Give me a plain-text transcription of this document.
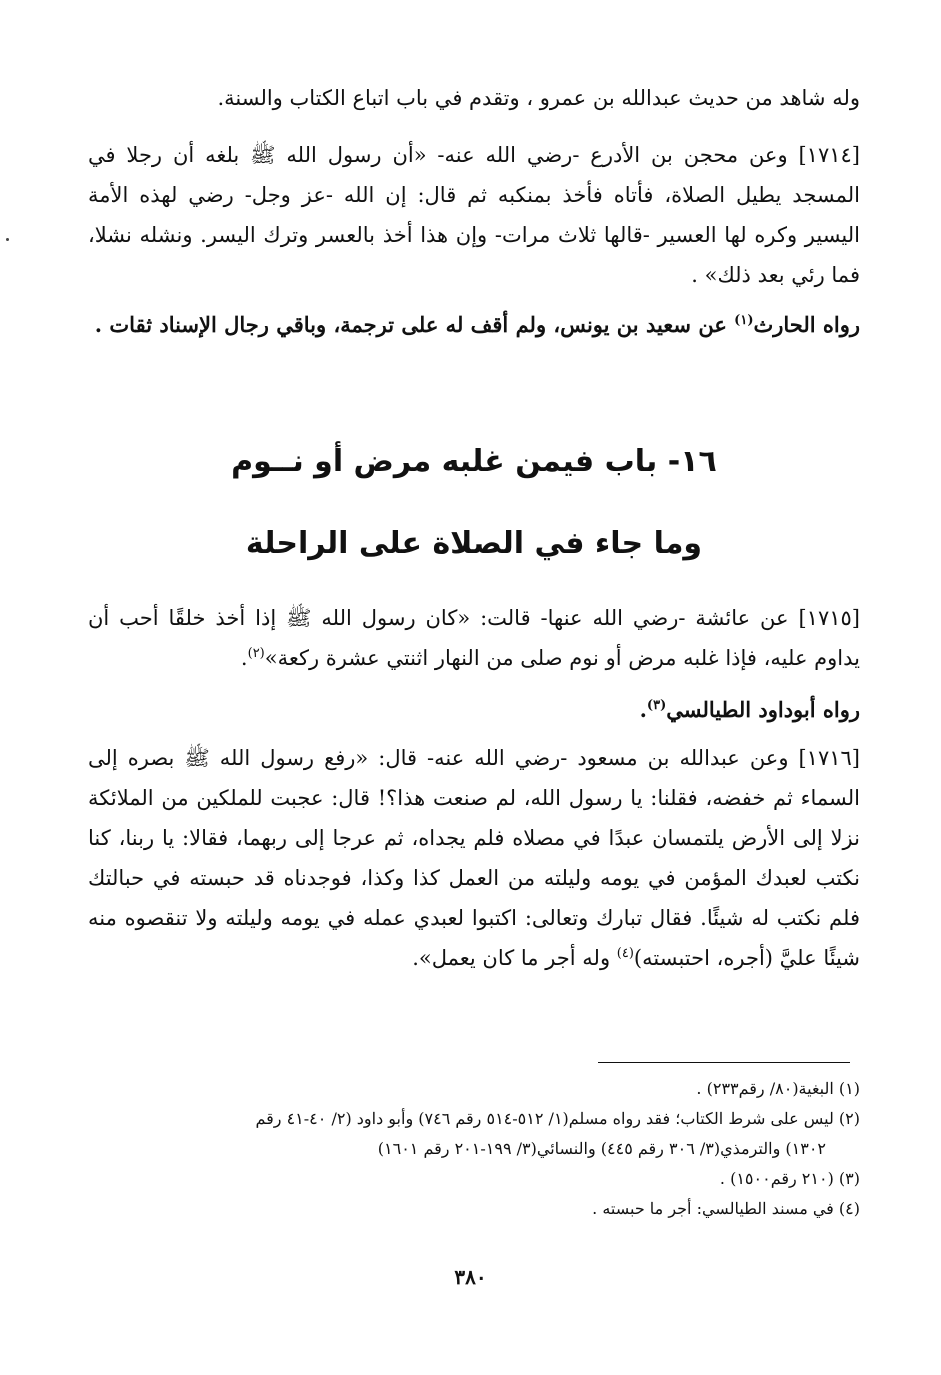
وله شاهد من حديث عبدالله بن عمرو ، وتقدم في باب اتباع الكتاب والسنة.

[١٧١٤] وعن محجن بن الأدرع -رضي الله عنه- «أن رسول الله ﷺ بلغه أن رجلا في المسجد يطيل الصلاة، فأتاه فأخذ بمنكبه ثم قال: إن الله -عز وجل- رضي لهذه الأمة اليسير وكره لها العسير -قالها ثلاث مرات- وإن هذا أخذ بالعسر وترك اليسر. ونشله نشلا، فما رئي بعد ذلك» .

رواه الحارث$^{(١)}$ عن سعيد بن يونس، ولم أقف له على ترجمة، وباقي رجال الإسناد ثقات .

١٦- باب فيمن غلبه مرض أو نــوم
وما جاء في الصلاة على الراحلة

[١٧١٥] عن عائشة -رضي الله عنها- قالت: «كان رسول الله ﷺ إذا أخذ خلقًا أحب أن يداوم عليه، فإذا غلبه مرض أو نوم صلى من النهار اثنتي عشرة ركعة»$^{(٢)}$.

رواه أبوداود الطيالسي$^{(٣)}$.

[١٧١٦] وعن عبدالله بن مسعود -رضي الله عنه- قال: «رفع رسول الله ﷺ بصره إلى السماء ثم خفضه، فقلنا: يا رسول الله، لم صنعت هذا؟! قال: عجبت للملكين من الملائكة نزلا إلى الأرض يلتمسان عبدًا في مصلاه فلم يجداه، ثم عرجا إلى ربهما، فقالا: يا ربنا، كنا نكتب لعبدك المؤمن في يومه وليلته من العمل كذا وكذا، فوجدناه قد حبسته في حبالتك فلم نكتب له شيئًا. فقال تبارك وتعالى: اكتبوا لعبدي عمله في يومه وليلته ولا تنقصوه منه شيئًا عليَّ (أجره، احتبسته)$^{(٤)}$ وله أجر ما كان يعمل».

(١) البغية(٨٠/ رقم٢٣٣) .
(٢) ليس على شرط الكتاب؛ فقد رواه مسلم(١/ ٥١٢-٥١٤ رقم ٧٤٦) وأبو داود (٢/ ٤٠-٤١ رقم
١٣٠٢) والترمذي(٣/ ٣٠٦ رقم ٤٤٥) والنسائي(٣/ ١٩٩-٢٠١ رقم ١٦٠١)
(٣) (٢١٠ رقم١٥٠٠) .
(٤) في مسند الطيالسي: أجر ما حبسته .
٣٨٠
